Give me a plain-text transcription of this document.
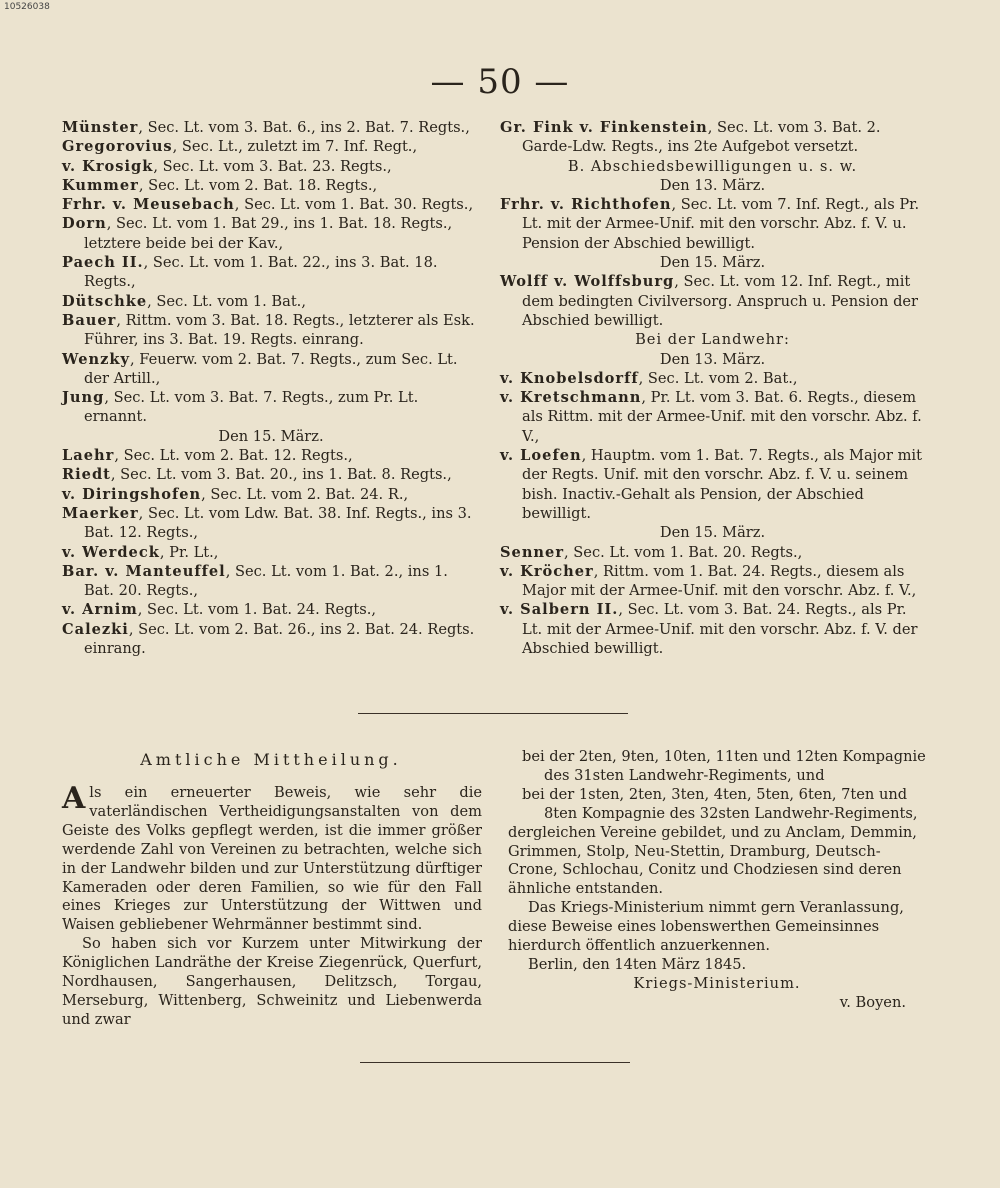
10526038
— 50 —

Münster, Sec. Lt. vom 3. Bat. 6., ins 2. Bat. 7. Regts.,

Gregorovius, Sec. Lt., zuletzt im 7. Inf. Regt.,

v. Krosigk, Sec. Lt. vom 3. Bat. 23. Regts.,

Kummer, Sec. Lt. vom 2. Bat. 18. Regts.,

Frhr. v. Meusebach, Sec. Lt. vom 1. Bat. 30. Regts.,

Dorn, Sec. Lt. vom 1. Bat 29., ins 1. Bat. 18. Regts., letztere beide bei der Kav.,

Paech II., Sec. Lt. vom 1. Bat. 22., ins 3. Bat. 18. Regts.,

Dütschke, Sec. Lt. vom 1. Bat.,

Bauer, Rittm. vom 3. Bat. 18. Regts., letzterer als Esk. Führer, ins 3. Bat. 19. Regts. einrang.

Wenzky, Feuerw. vom 2. Bat. 7. Regts., zum Sec. Lt. der Artill.,

Jung, Sec. Lt. vom 3. Bat. 7. Regts., zum Pr. Lt. ernannt.

Den 15. März.

Laehr, Sec. Lt. vom 2. Bat. 12. Regts.,

Riedt, Sec. Lt. vom 3. Bat. 20., ins 1. Bat. 8. Regts.,

v. Diringshofen, Sec. Lt. vom 2. Bat. 24. R.,

Maerker, Sec. Lt. vom Ldw. Bat. 38. Inf. Regts., ins 3. Bat. 12. Regts.,

v. Werdeck, Pr. Lt.,

Bar. v. Manteuffel, Sec. Lt. vom 1. Bat. 2., ins 1. Bat. 20. Regts.,

v. Arnim, Sec. Lt. vom 1. Bat. 24. Regts.,

Calezki, Sec. Lt. vom 2. Bat. 26., ins 2. Bat. 24. Regts. einrang.

Gr. Fink v. Finkenstein, Sec. Lt. vom 3. Bat. 2. Garde-Ldw. Regts., ins 2te Aufgebot versetzt.

B. Abschiedsbewilligungen u. s. w.

Den 13. März.

Frhr. v. Richthofen, Sec. Lt. vom 7. Inf. Regt., als Pr. Lt. mit der Armee-Unif. mit den vorschr. Abz. f. V. u. Pension der Abschied bewilligt.

Den 15. März.

Wolff v. Wolffsburg, Sec. Lt. vom 12. Inf. Regt., mit dem bedingten Civilversorg. Anspruch u. Pension der Abschied bewilligt.

Bei der Landwehr:

Den 13. März.

v. Knobelsdorff, Sec. Lt. vom 2. Bat.,

v. Kretschmann, Pr. Lt. vom 3. Bat. 6. Regts., diesem als Rittm. mit der Armee-Unif. mit den vorschr. Abz. f. V.,

v. Loefen, Hauptm. vom 1. Bat. 7. Regts., als Major mit der Regts. Unif. mit den vorschr. Abz. f. V. u. seinem bish. Inactiv.-Gehalt als Pension, der Abschied bewilligt.

Den 15. März.

Senner, Sec. Lt. vom 1. Bat. 20. Regts.,

v. Kröcher, Rittm. vom 1. Bat. 24. Regts., diesem als Major mit der Armee-Unif. mit den vorschr. Abz. f. V.,

v. Salbern II., Sec. Lt. vom 3. Bat. 24. Regts., als Pr. Lt. mit der Armee-Unif. mit den vorschr. Abz. f. V. der Abschied bewilligt.

Amtliche Mittheilung.

Als ein erneuerter Beweis, wie sehr die vaterländischen Vertheidigungsanstalten von dem Geiste des Volks gepflegt werden, ist die immer größer werdende Zahl von Vereinen zu betrachten, welche sich in der Landwehr bilden und zur Unterstützung dürftiger Kameraden oder deren Familien, so wie für den Fall eines Krieges zur Unterstützung der Wittwen und Waisen gebliebener Wehrmänner bestimmt sind.

So haben sich vor Kurzem unter Mitwirkung der Königlichen Landräthe der Kreise Ziegenrück, Querfurt, Nordhausen, Sangerhausen, Delitzsch, Torgau, Merseburg, Wittenberg, Schweinitz und Liebenwerda und zwar

bei der 2ten, 9ten, 10ten, 11ten und 12ten Kompagnie des 31sten Landwehr-Regiments, und

bei der 1sten, 2ten, 3ten, 4ten, 5ten, 6ten, 7ten und 8ten Kompagnie des 32sten Landwehr-Regiments,

dergleichen Vereine gebildet, und zu Anclam, Demmin, Grimmen, Stolp, Neu-Stettin, Dramburg, Deutsch-Crone, Schlochau, Conitz und Chodziesen sind deren ähnliche entstanden.

Das Kriegs-Ministerium nimmt gern Veranlassung, diese Beweise eines lobenswerthen Gemeinsinnes hierdurch öffentlich anzuerkennen.

Berlin, den 14ten März 1845.

Kriegs-Ministerium.

v. Boyen.
